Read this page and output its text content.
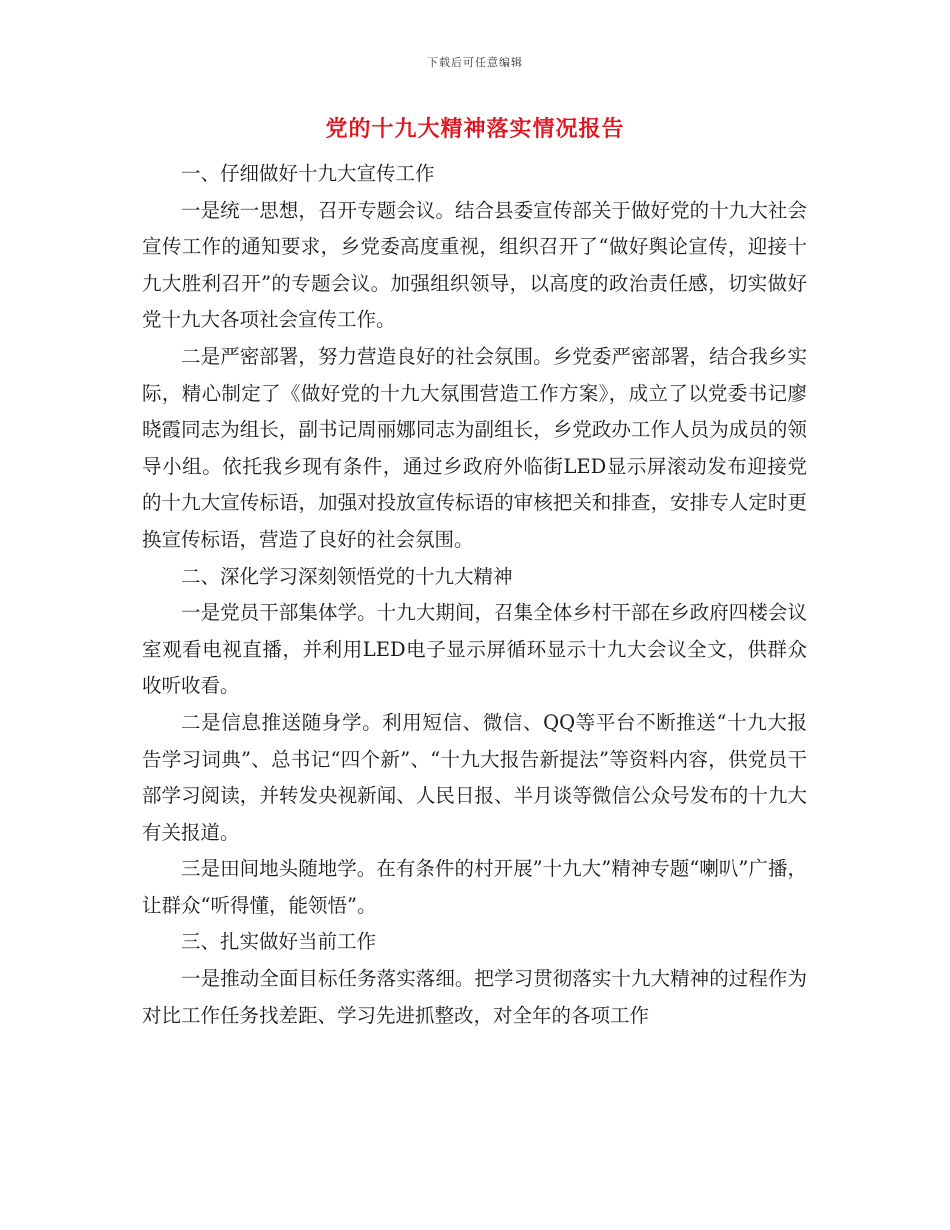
下载后可任意编辑
党的十九大精神落实情况报告

一、仔细做好十九大宣传工作

一是统一思想，召开专题会议。结合县委宣传部关于做好党的十九大社会宣传工作的通知要求，乡党委高度重视，组织召开了“做好舆论宣传，迎接十九大胜利召开”的专题会议。加强组织领导，以高度的政治责任感，切实做好党十九大各项社会宣传工作。

二是严密部署，努力营造良好的社会氛围。乡党委严密部署，结合我乡实际，精心制定了《做好党的十九大氛围营造工作方案》，成立了以党委书记廖晓霞同志为组长，副书记周丽娜同志为副组长，乡党政办工作人员为成员的领导小组。依托我乡现有条件，通过乡政府外临街LED显示屏滚动发布迎接党的十九大宣传标语，加强对投放宣传标语的审核把关和排查，安排专人定时更换宣传标语，营造了良好的社会氛围。

二、深化学习深刻领悟党的十九大精神

一是党员干部集体学。十九大期间，召集全体乡村干部在乡政府四楼会议室观看电视直播，并利用LED电子显示屏循环显示十九大会议全文，供群众收听收看。

二是信息推送随身学。利用短信、微信、QQ等平台不断推送“十九大报告学习词典”、总书记“四个新”、“十九大报告新提法”等资料内容，供党员干部学习阅读，并转发央视新闻、人民日报、半月谈等微信公众号发布的十九大有关报道。

三是田间地头随地学。在有条件的村开展”十九大”精神专题“喇叭”广播，让群众“听得懂，能领悟”。

三、扎实做好当前工作

一是推动全面目标任务落实落细。把学习贯彻落实十九大精神的过程作为对比工作任务找差距、学习先进抓整改，对全年的各项工作
